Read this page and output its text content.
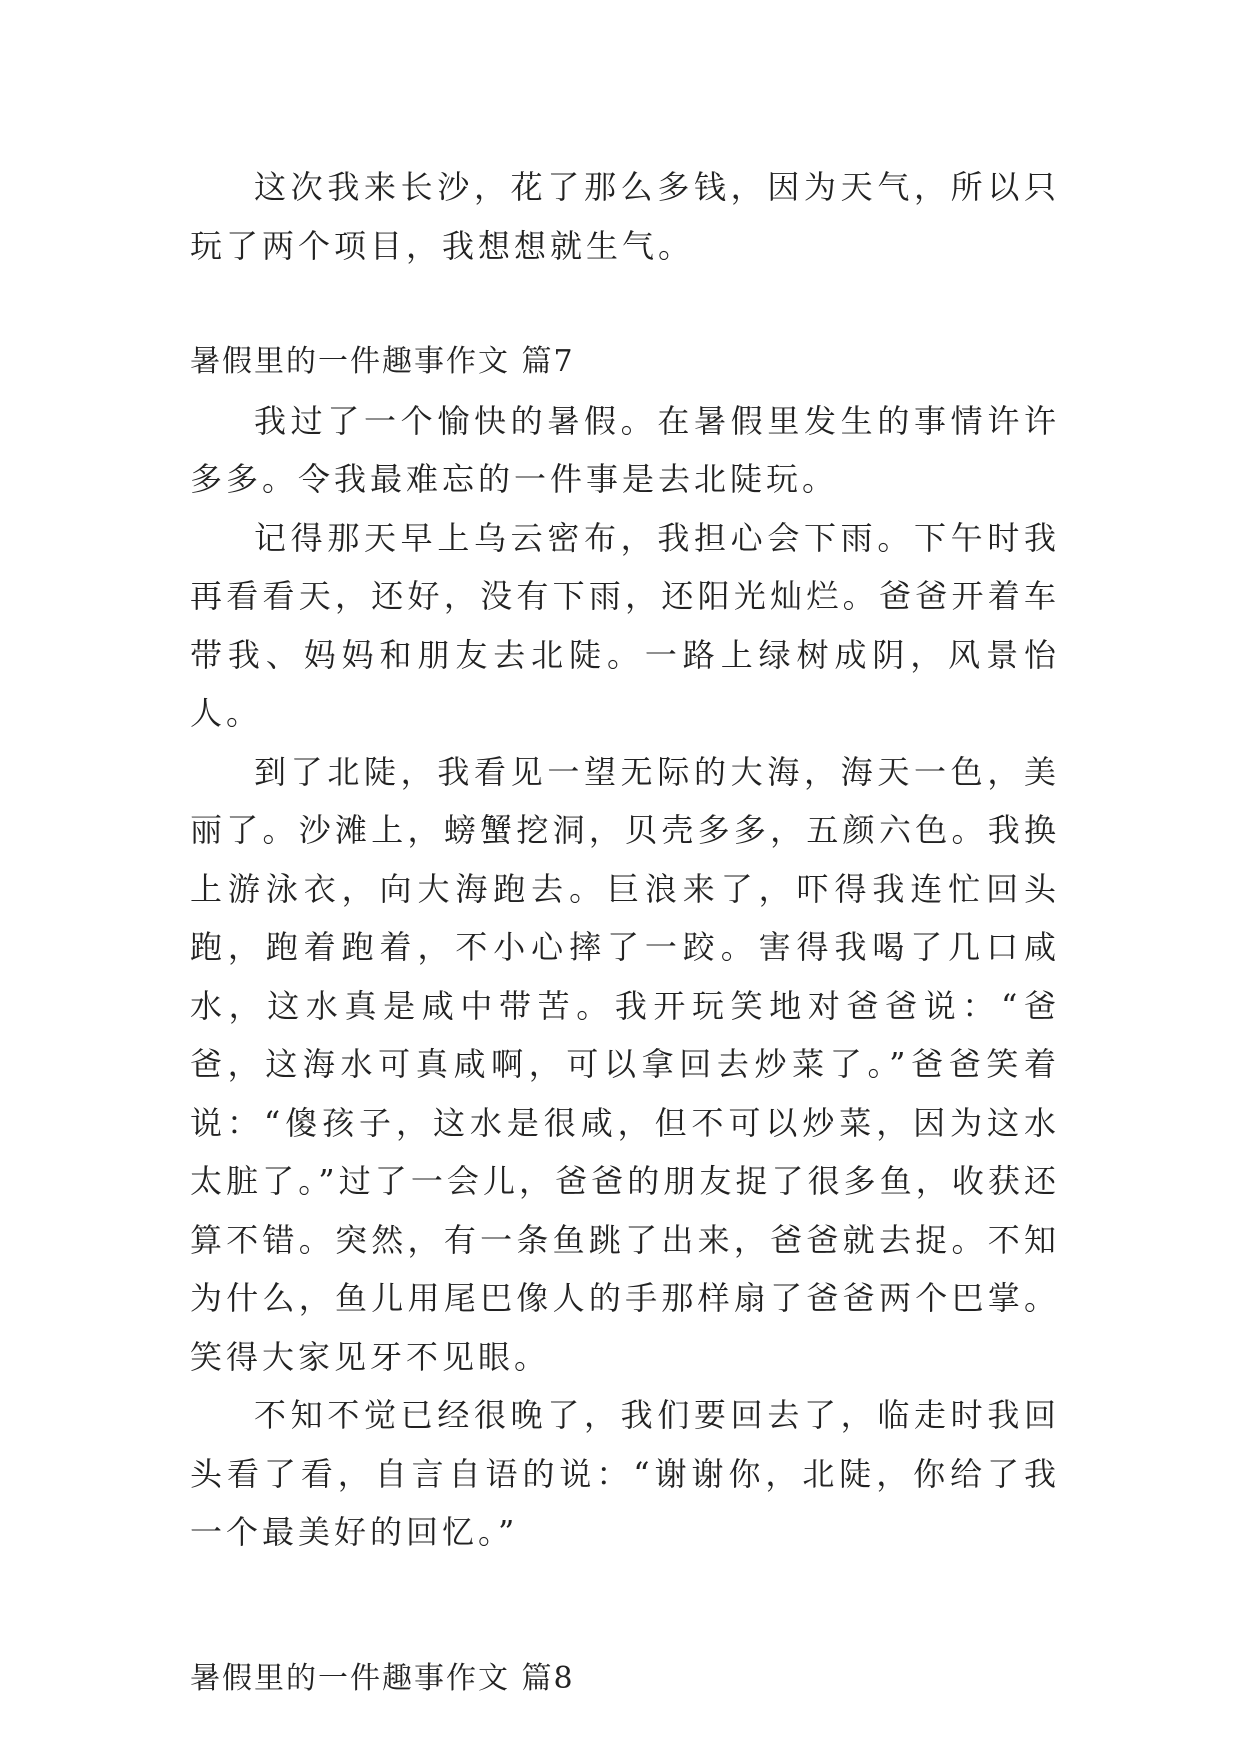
这次我来长沙，花了那么多钱，因为天气，所以只玩了两个项目，我想想就生气。

暑假里的一件趣事作文 篇7

我过了一个愉快的暑假。在暑假里发生的事情许许多多。令我最难忘的一件事是去北陡玩。

记得那天早上乌云密布，我担心会下雨。下午时我再看看天，还好，没有下雨，还阳光灿烂。爸爸开着车带我、妈妈和朋友去北陡。一路上绿树成阴，风景怡人。

到了北陡，我看见一望无际的大海，海天一色，美丽了。沙滩上，螃蟹挖洞，贝壳多多，五颜六色。我换上游泳衣，向大海跑去。巨浪来了，吓得我连忙回头跑，跑着跑着，不小心摔了一跤。害得我喝了几口咸水，这水真是咸中带苦。我开玩笑地对爸爸说：“爸爸，这海水可真咸啊，可以拿回去炒菜了。”爸爸笑着说：“傻孩子，这水是很咸，但不可以炒菜，因为这水太脏了。”过了一会儿，爸爸的朋友捉了很多鱼，收获还算不错。突然，有一条鱼跳了出来，爸爸就去捉。不知为什么，鱼儿用尾巴像人的手那样扇了爸爸两个巴掌。笑得大家见牙不见眼。

不知不觉已经很晚了，我们要回去了，临走时我回头看了看，自言自语的说：“谢谢你，北陡，你给了我一个最美好的回忆。”

暑假里的一件趣事作文 篇8
